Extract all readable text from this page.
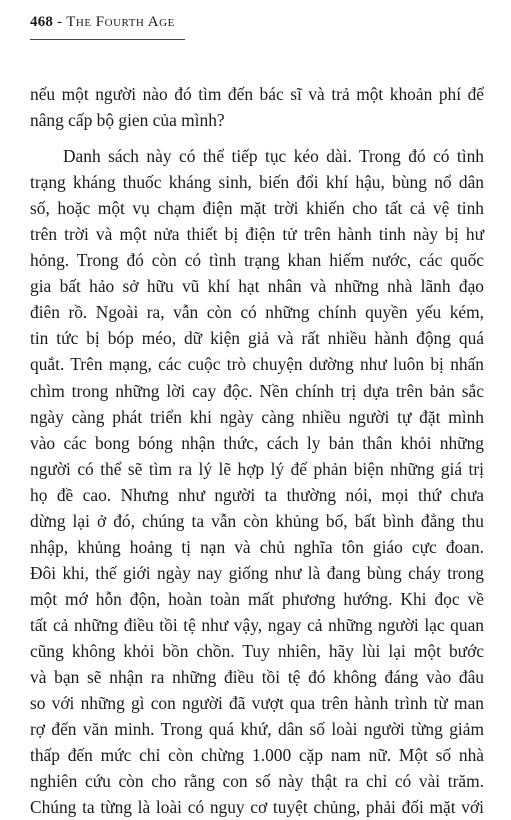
468 - The Fourth Age
nếu một người nào đó tìm đến bác sĩ và trả một khoản phí để
nâng cấp bộ gien của mình?
Danh sách này có thể tiếp tục kéo dài. Trong đó có tình
trạng kháng thuốc kháng sinh, biến đổi khí hậu, bùng nổ dân
số, hoặc một vụ chạm điện mặt trời khiến cho tất cả vệ tinh
trên trời và một nửa thiết bị điện tử trên hành tinh này bị hư
hỏng. Trong đó còn có tình trạng khan hiếm nước, các quốc
gia bất hảo sở hữu vũ khí hạt nhân và những nhà lãnh đạo
điên rồ. Ngoài ra, vẫn còn có những chính quyền yếu kém,
tin tức bị bóp méo, dữ kiện giả và rất nhiều hành động quá
quắt. Trên mạng, các cuộc trò chuyện dường như luôn bị nhấn
chìm trong những lời cay độc. Nền chính trị dựa trên bản sắc
ngày càng phát triển khi ngày càng nhiều người tự đặt mình
vào các bong bóng nhận thức, cách ly bản thân khỏi những
người có thể sẽ tìm ra lý lẽ hợp lý để phản biện những giá trị
họ đề cao. Nhưng như người ta thường nói, mọi thứ chưa
dừng lại ở đó, chúng ta vẫn còn khủng bố, bất bình đẳng thu
nhập, khủng hoảng tị nạn và chủ nghĩa tôn giáo cực đoan.
Đôi khi, thế giới ngày nay giống như là đang bùng cháy trong
một mớ hỗn độn, hoàn toàn mất phương hướng. Khi đọc về
tất cả những điều tồi tệ như vậy, ngay cả những người lạc quan
cũng không khỏi bồn chồn. Tuy nhiên, hãy lùi lại một bước
và bạn sẽ nhận ra những điều tồi tệ đó không đáng vào đâu
so với những gì con người đã vượt qua trên hành trình từ man
rợ đến văn minh. Trong quá khứ, dân số loài người từng giảm
thấp đến mức chỉ còn chừng 1.000 cặp nam nữ. Một số nhà
nghiên cứu còn cho rằng con số này thật ra chỉ có vài trăm.
Chúng ta từng là loài có nguy cơ tuyệt chủng, phải đối mặt với
